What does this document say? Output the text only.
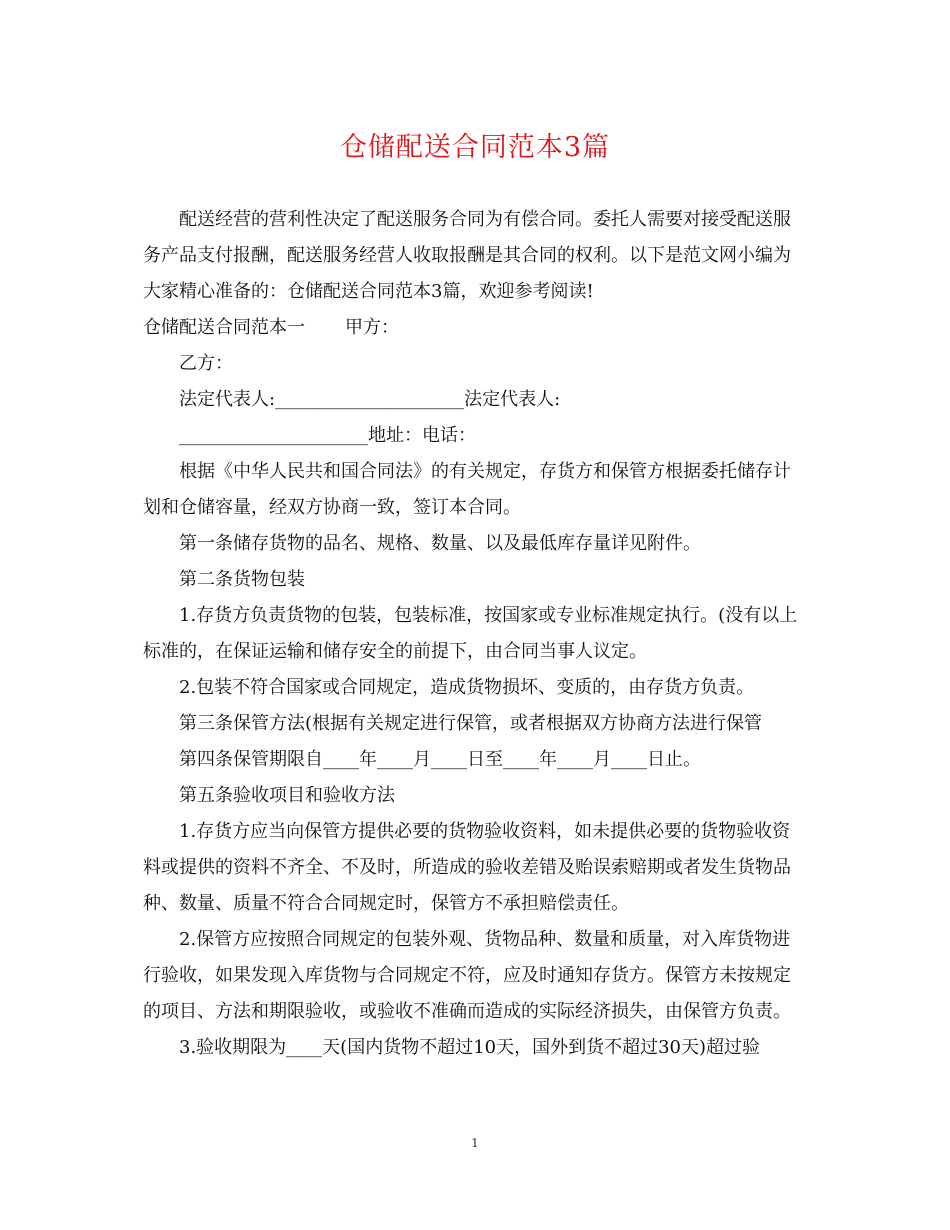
仓储配送合同范本3篇

配送经营的营利性决定了配送服务合同为有偿合同。委托人需要对接受配送服务产品支付报酬，配送服务经营人收取报酬是其合同的权利。以下是范文网小编为大家精心准备的：仓储配送合同范本3篇，欢迎参考阅读!

仓储配送合同范本一 甲方：

乙方：

法定代表人:_____________________法定代表人:

_____________________地址：电话：

根据《中华人民共和国合同法》的有关规定，存货方和保管方根据委托储存计划和仓储容量，经双方协商一致，签订本合同。

第一条储存货物的品名、规格、数量、以及最低库存量详见附件。

第二条货物包装

1.存货方负责货物的包装，包装标准，按国家或专业标准规定执行。(没有以上标准的，在保证运输和储存安全的前提下，由合同当事人议定。

2.包装不符合国家或合同规定，造成货物损坏、变质的，由存货方负责。

第三条保管方法(根据有关规定进行保管，或者根据双方协商方法进行保管

第四条保管期限自____年____月____日至____年____月____日止。

第五条验收项目和验收方法

1.存货方应当向保管方提供必要的货物验收资料，如未提供必要的货物验收资料或提供的资料不齐全、不及时，所造成的验收差错及贻误索赔期或者发生货物品种、数量、质量不符合合同规定时，保管方不承担赔偿责任。

2.保管方应按照合同规定的包装外观、货物品种、数量和质量，对入库货物进行验收，如果发现入库货物与合同规定不符，应及时通知存货方。保管方未按规定的项目、方法和期限验收，或验收不准确而造成的实际经济损失，由保管方负责。

3.验收期限为____天(国内货物不超过10天，国外到货不超过30天)超过验

1
